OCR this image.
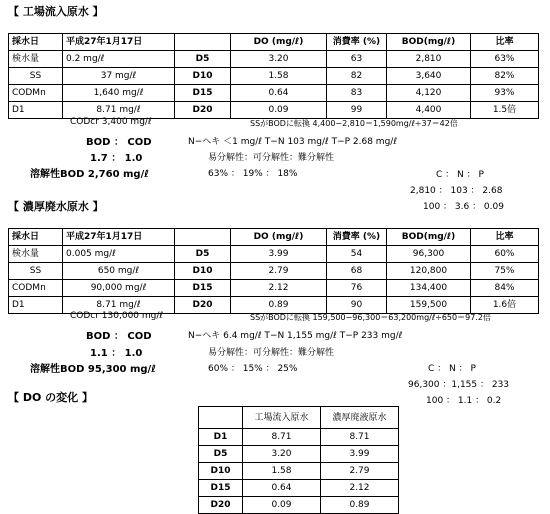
【 工場流入原水 】
採水日	平成27年1月17日		DO (mg/ℓ)	消費率 (%)	BOD(mg/ℓ)	比率
検水量	0.2 mg/ℓ	D5	3.20	63	2,810	63%
SS	37 mg/ℓ	D10	1.58	82	3,640	82%
CODMn	1,640 mg/ℓ	D15	0.64	83	4,120	93%
D1	8.71 mg/ℓ	D20	0.09	99	4,400	1.5倍
CODcr 3,400 mg/ℓ	SSがBODに転換 4,400−2,810＝1,590mg/ℓ÷37＝42倍
BOD ： COD	N−ヘキ ＜1 mg/ℓ T−N 103 mg/ℓ T−P 2.68 mg/ℓ
1.7 ： 1.0	易分解性：可分解性：難分解性
溶解性BOD 2,760 mg/ℓ	63% ： 19% ： 18%	C ： N ： P
2,810 ： 103 ： 2.68
100 ： 3.6 ： 0.09
【 濃厚廃水原水 】
採水日	平成27年1月17日		DO (mg/ℓ)	消費率 (%)	BOD(mg/ℓ)	比率
検水量	0.005 mg/ℓ	D5	3.99	54	96,300	60%
SS	650 mg/ℓ	D10	2.79	68	120,800	75%
CODMn	90,000 mg/ℓ	D15	2.12	76	134,400	84%
D1	8.71 mg/ℓ	D20	0.89	90	159,500	1.6倍
CODcr 130,000 mg/ℓ	SSがBODに転換 159,500−96,300＝63,200mg/ℓ÷650＝97.2倍
BOD ： COD	N−ヘキ 6.4 mg/ℓ T−N 1,155 mg/ℓ T−P 233 mg/ℓ
1.1 ： 1.0	易分解性：可分解性：難分解性
溶解性BOD 95,300 mg/ℓ	60% ： 15% ： 25%	C ： N ： P
96,300 ：1,155 ： 233
100 ： 1.1 ： 0.2
【 DO の変化 】
	工場流入原水	濃厚廃液原水
D1	8.71	8.71
D5	3.20	3.99
D10	1.58	2.79
D15	0.64	2.12
D20	0.09	0.89
